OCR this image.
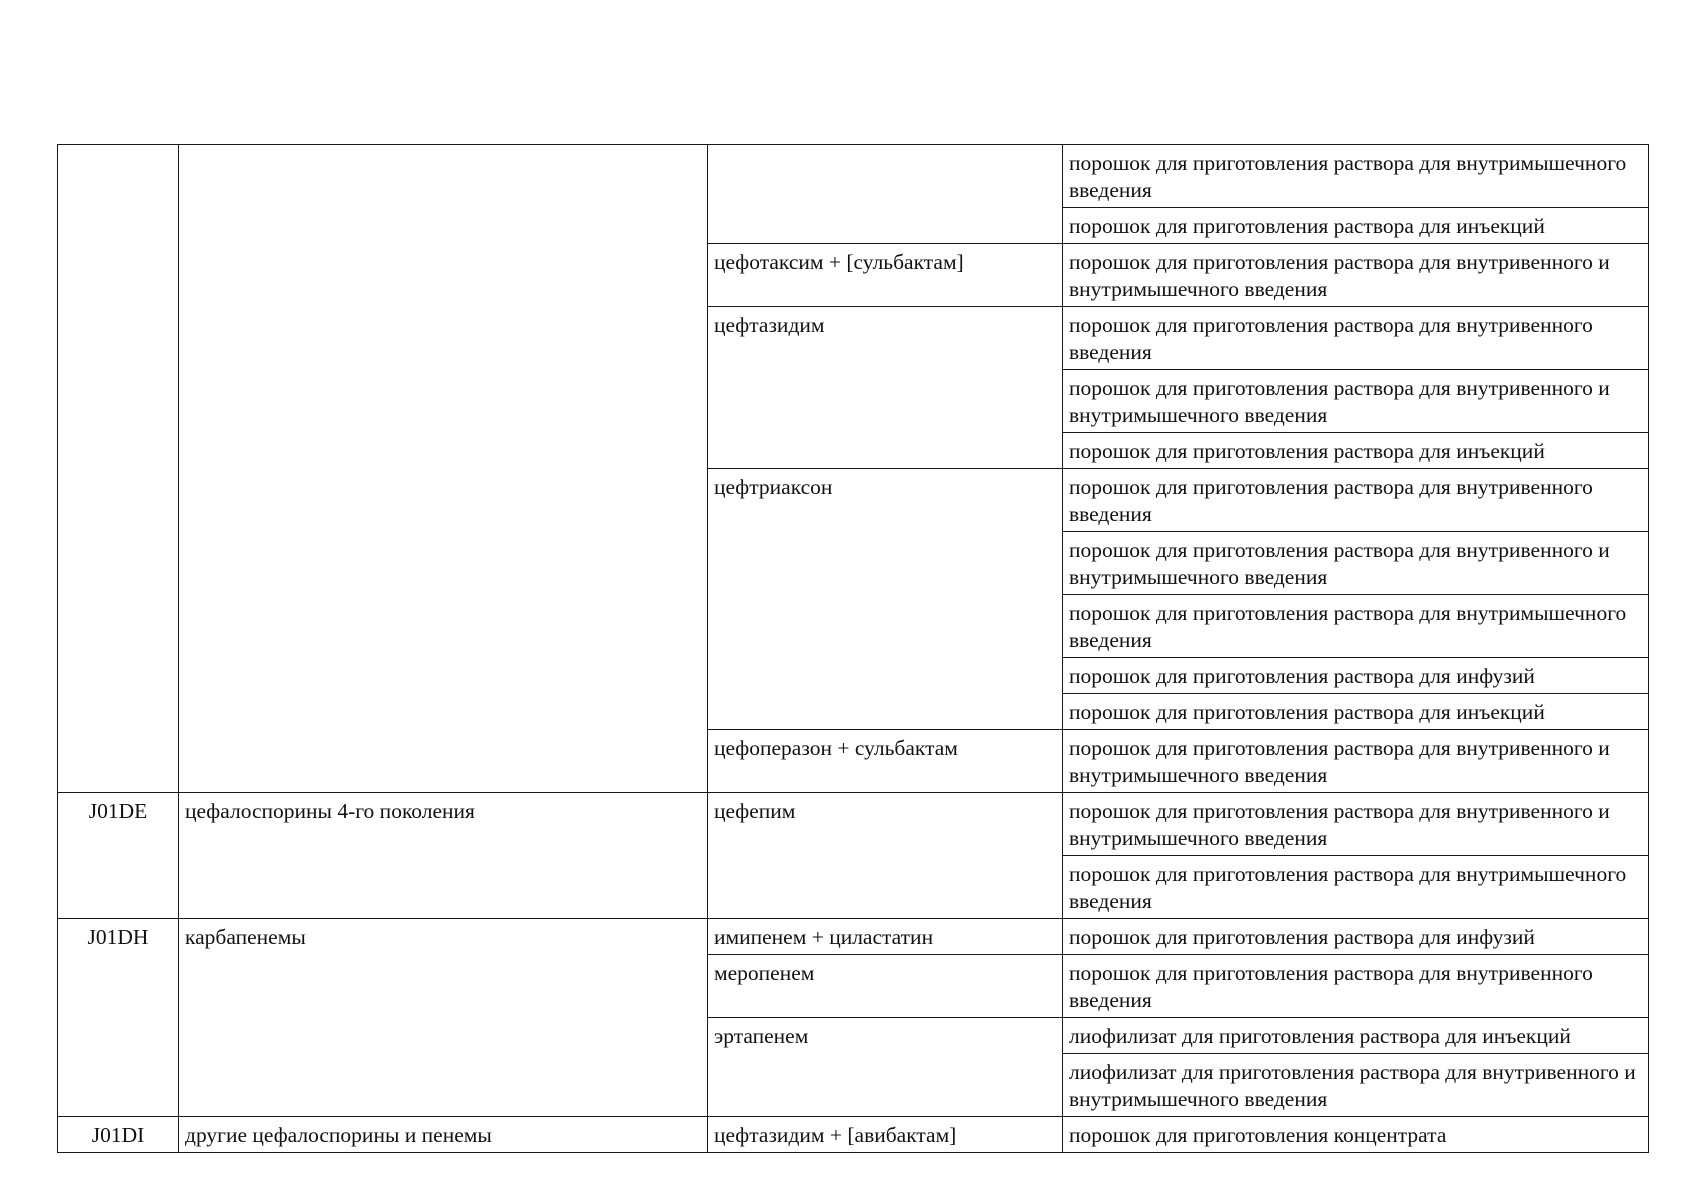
			порошок для приготовления раствора для внутримышечного введения
			порошок для приготовления раствора для инъекций
		цефотаксим + [сульбактам]	порошок для приготовления раствора для внутривенного и внутримышечного введения
		цефтазидим	порошок для приготовления раствора для внутривенного введения
			порошок для приготовления раствора для внутривенного и внутримышечного введения
			порошок для приготовления раствора для инъекций
		цефтриаксон	порошок для приготовления раствора для внутривенного введения
			порошок для приготовления раствора для внутривенного и внутримышечного введения
			порошок для приготовления раствора для внутримышечного введения
			порошок для приготовления раствора для инфузий
			порошок для приготовления раствора для инъекций
		цефоперазон + сульбактам	порошок для приготовления раствора для внутривенного и внутримышечного введения
J01DE	цефалоспорины 4-го поколения	цефепим	порошок для приготовления раствора для внутривенного и внутримышечного введения
			порошок для приготовления раствора для внутримышечного введения
J01DH	карбапенемы	имипенем + циластатин	порошок для приготовления раствора для инфузий
		меропенем	порошок для приготовления раствора для внутривенного введения
		эртапенем	лиофилизат для приготовления раствора для инъекций
			лиофилизат для приготовления раствора для внутривенного и внутримышечного введения
J01DI	другие цефалоспорины и пенемы	цефтазидим + [авибактам]	порошок для приготовления концентрата
